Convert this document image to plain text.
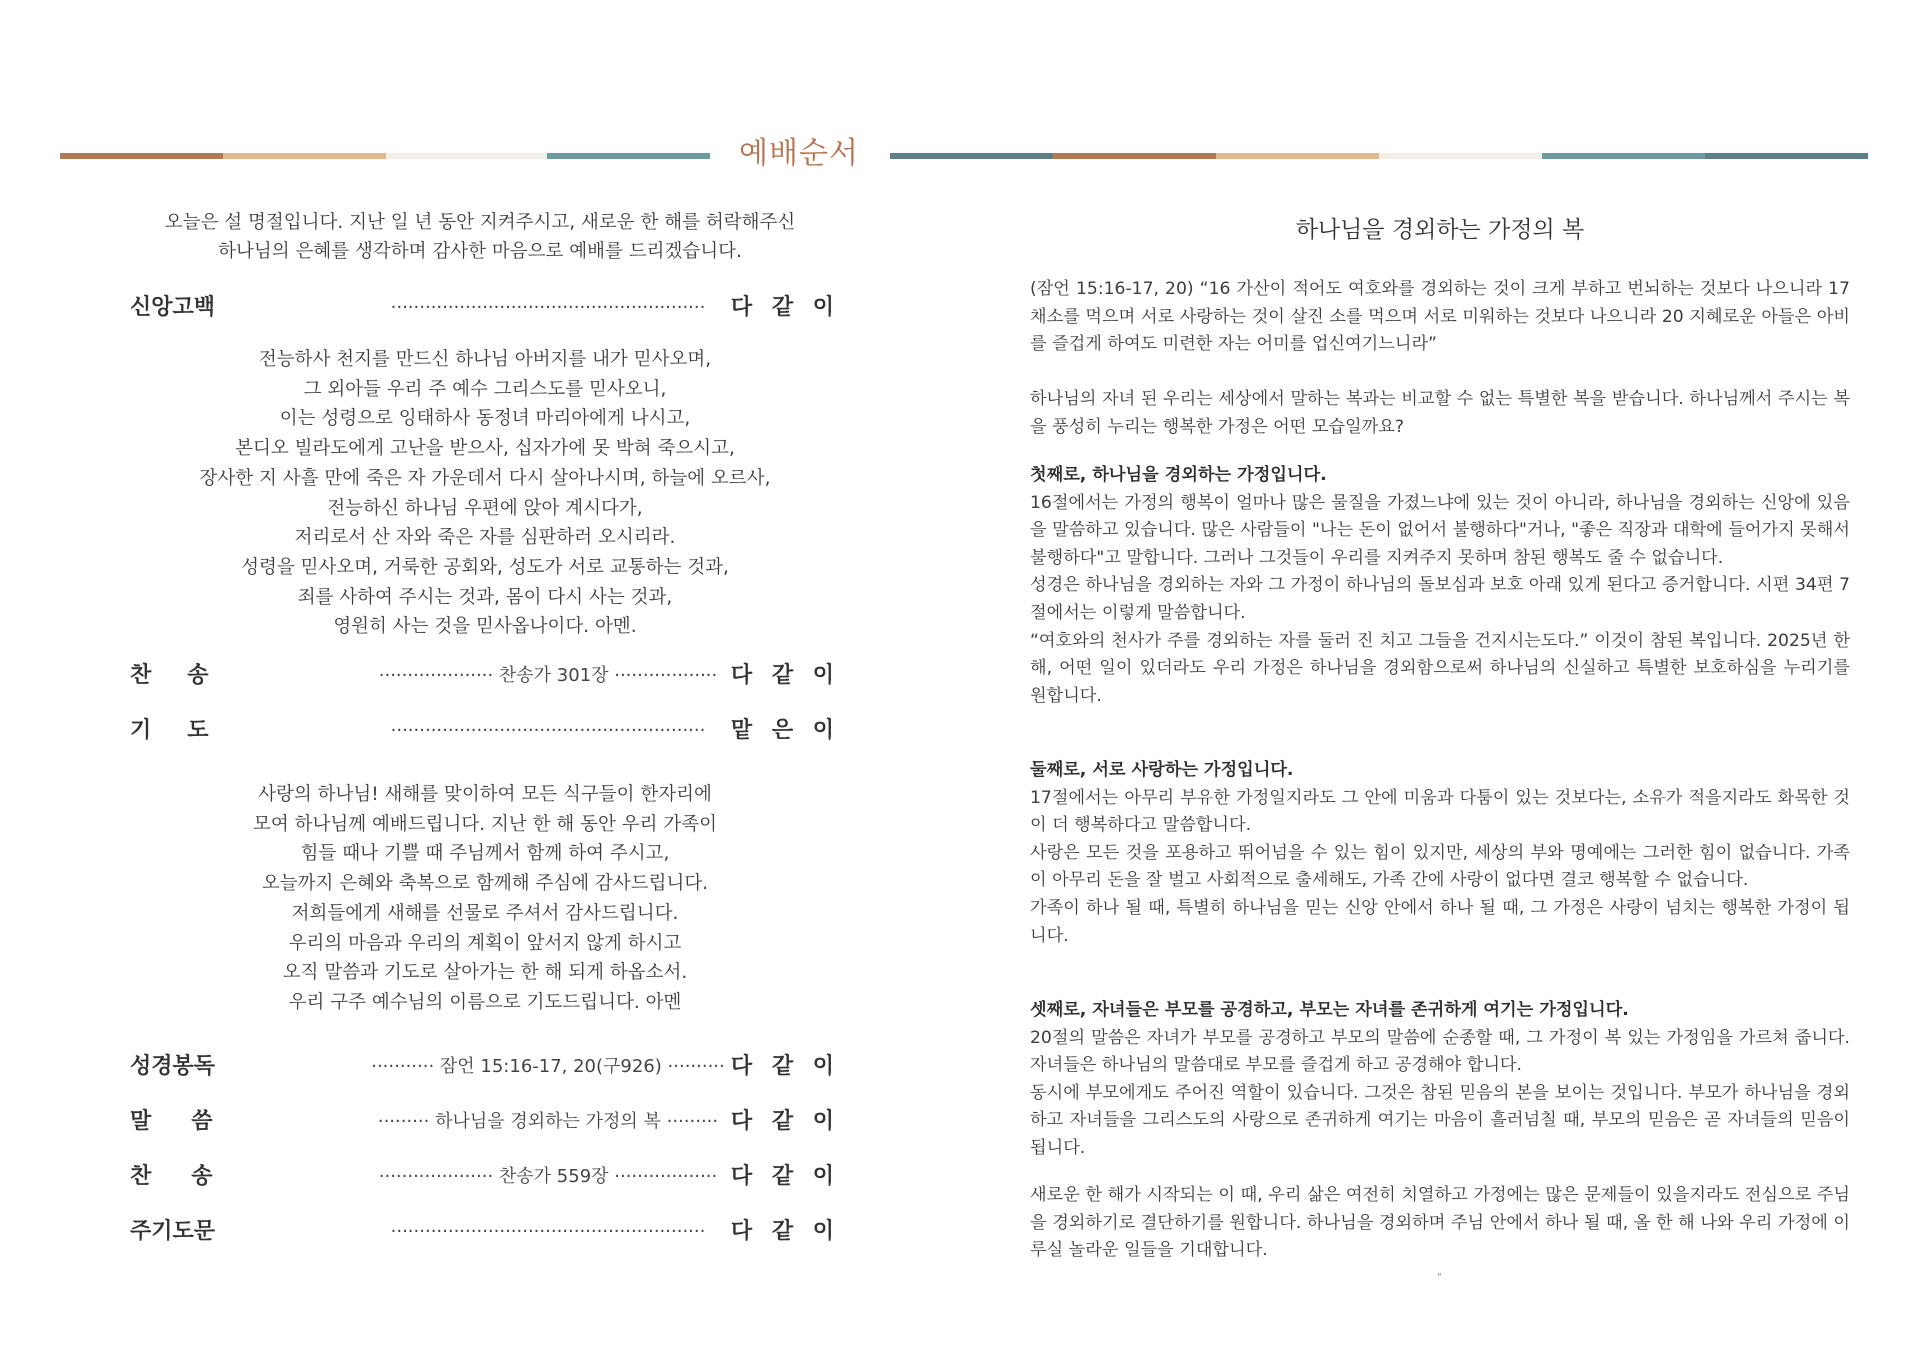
예배순서
오늘은 설 명절입니다. 지난 일 년 동안 지켜주시고, 새로운 한 해를 허락해주신
하나님의 은혜를 생각하며 감사한 마음으로 예배를 드리겠습니다.
신앙고백	·······················································	다 같 이
전능하사 천지를 만드신 하나님 아버지를 내가 믿사오며,
그 외아들 우리 주 예수 그리스도를 믿사오니,
이는 성령으로 잉태하사 동정녀 마리아에게 나시고,
본디오 빌라도에게 고난을 받으사, 십자가에 못 박혀 죽으시고,
장사한 지 사흘 만에 죽은 자 가운데서 다시 살아나시며, 하늘에 오르사,
전능하신 하나님 우편에 앉아 계시다가,
저리로서 산 자와 죽은 자를 심판하러 오시리라.
성령을 믿사오며, 거룩한 공회와, 성도가 서로 교통하는 것과,
죄를 사하여 주시는 것과, 몸이 다시 사는 것과,
영원히 사는 것을 믿사옵나이다. 아멘.
찬송	···················· 찬송가 301장 ·················· 다 같 이
기도	·······················································	맡 은 이
사랑의 하나님! 새해를 맞이하여 모든 식구들이 한자리에
모여 하나님께 예배드립니다. 지난 한 해 동안 우리 가족이
힘들 때나 기쁠 때 주님께서 함께 하여 주시고,
오늘까지 은혜와 축복으로 함께해 주심에 감사드립니다.
저희들에게 새해를 선물로 주셔서 감사드립니다.
우리의 마음과 우리의 계획이 앞서지 않게 하시고
오직 말씀과 기도로 살아가는 한 해 되게 하옵소서.
우리 구주 예수님의 이름으로 기도드립니다. 아멘
성경봉독	··········· 잠언 15:16-17, 20(구926) ·········· 다 같 이
말씀	········· 하나님을 경외하는 가정의 복 ········· 다 같 이
찬송	···················· 찬송가 559장 ·················· 다 같 이
주기도문	·······················································	다 같 이
하나님을 경외하는 가정의 복

(잠언 15:16-17, 20) “16 가산이 적어도 여호와를 경외하는 것이 크게 부하고 번뇌하는 것보다 나으니라 17 채소를 먹으며 서로 사랑하는 것이 살진 소를 먹으며 서로 미워하는 것보다 나으니라 20 지혜로운 아들은 아비를 즐겁게 하여도 미련한 자는 어미를 업신여기느니라”

하나님의 자녀 된 우리는 세상에서 말하는 복과는 비교할 수 없는 특별한 복을 받습니다. 하나님께서 주시는 복을 풍성히 누리는 행복한 가정은 어떤 모습일까요?

첫째로, 하나님을 경외하는 가정입니다.

16절에서는 가정의 행복이 얼마나 많은 물질을 가졌느냐에 있는 것이 아니라, 하나님을 경외하는 신앙에 있음을 말씀하고 있습니다. 많은 사람들이 "나는 돈이 없어서 불행하다"거나, "좋은 직장과 대학에 들어가지 못해서 불행하다"고 말합니다. 그러나 그것들이 우리를 지켜주지 못하며 참된 행복도 줄 수 없습니다.

성경은 하나님을 경외하는 자와 그 가정이 하나님의 돌보심과 보호 아래 있게 된다고 증거합니다. 시편 34편 7절에서는 이렇게 말씀합니다.

“여호와의 천사가 주를 경외하는 자를 둘러 진 치고 그들을 건지시는도다.” 이것이 참된 복입니다. 2025년 한 해, 어떤 일이 있더라도 우리 가정은 하나님을 경외함으로써 하나님의 신실하고 특별한 보호하심을 누리기를 원합니다.

둘째로, 서로 사랑하는 가정입니다.

17절에서는 아무리 부유한 가정일지라도 그 안에 미움과 다툼이 있는 것보다는, 소유가 적을지라도 화목한 것이 더 행복하다고 말씀합니다.

사랑은 모든 것을 포용하고 뛰어넘을 수 있는 힘이 있지만, 세상의 부와 명예에는 그러한 힘이 없습니다. 가족이 아무리 돈을 잘 벌고 사회적으로 출세해도, 가족 간에 사랑이 없다면 결코 행복할 수 없습니다.

가족이 하나 될 때, 특별히 하나님을 믿는 신앙 안에서 하나 될 때, 그 가정은 사랑이 넘치는 행복한 가정이 됩니다.

셋째로, 자녀들은 부모를 공경하고, 부모는 자녀를 존귀하게 여기는 가정입니다.

20절의 말씀은 자녀가 부모를 공경하고 부모의 말씀에 순종할 때, 그 가정이 복 있는 가정임을 가르쳐 줍니다. 자녀들은 하나님의 말씀대로 부모를 즐겁게 하고 공경해야 합니다.

동시에 부모에게도 주어진 역할이 있습니다. 그것은 참된 믿음의 본을 보이는 것입니다. 부모가 하나님을 경외하고 자녀들을 그리스도의 사랑으로 존귀하게 여기는 마음이 흘러넘칠 때, 부모의 믿음은 곧 자녀들의 믿음이 됩니다.

새로운 한 해가 시작되는 이 때, 우리 삶은 여전히 치열하고 가정에는 많은 문제들이 있을지라도 전심으로 주님을 경외하기로 결단하기를 원합니다. 하나님을 경외하며 주님 안에서 하나 될 때, 올 한 해 나와 우리 가정에 이루실 놀라운 일들을 기대합니다.

"
